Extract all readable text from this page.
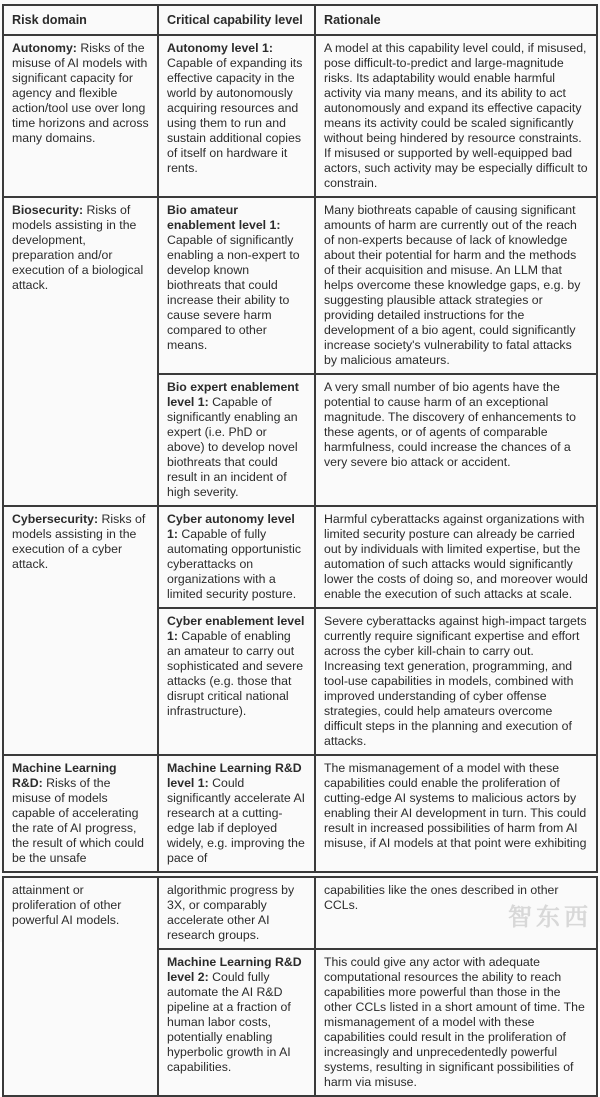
Risk domain	Critical capability level	Rationale
Autonomy: Risks of the misuse of AI models with significant capacity for agency and flexible action/tool use over long time horizons and across many domains.	Autonomy level 1: Capable of expanding its effective capacity in the world by autonomously acquiring resources and using them to run and sustain additional copies of itself on hardware it rents.	A model at this capability level could, if misused, pose difficult-to-predict and large-magnitude risks. Its adaptability would enable harmful activity via many means, and its ability to act autonomously and expand its effective capacity means its activity could be scaled significantly without being hindered by resource constraints. If misused or supported by well-equipped bad actors, such activity may be especially difficult to constrain.
Biosecurity: Risks of models assisting in the development, preparation and/or execution of a biological attack.	Bio amateur enablement level 1: Capable of significantly enabling a non-expert to develop known biothreats that could increase their ability to cause severe harm compared to other means.	Many biothreats capable of causing significant amounts of harm are currently out of the reach of non-experts because of lack of knowledge about their potential for harm and the methods of their acquisition and misuse. An LLM that helps overcome these knowledge gaps, e.g. by suggesting plausible attack strategies or providing detailed instructions for the development of a bio agent, could significantly increase society's vulnerability to fatal attacks by malicious amateurs.
	Bio expert enablement level 1: Capable of significantly enabling an expert (i.e. PhD or above) to develop novel biothreats that could result in an incident of high severity.	A very small number of bio agents have the potential to cause harm of an exceptional magnitude. The discovery of enhancements to these agents, or of agents of comparable harmfulness, could increase the chances of a very severe bio attack or accident.
Cybersecurity: Risks of models assisting in the execution of a cyber attack.	Cyber autonomy level 1: Capable of fully automating opportunistic cyberattacks on organizations with a limited security posture.	Harmful cyberattacks against organizations with limited security posture can already be carried out by individuals with limited expertise, but the automation of such attacks would significantly lower the costs of doing so, and moreover would enable the execution of such attacks at scale.
	Cyber enablement level 1: Capable of enabling an amateur to carry out sophisticated and severe attacks (e.g. those that disrupt critical national infrastructure).	Severe cyberattacks against high-impact targets currently require significant expertise and effort across the cyber kill-chain to carry out. Increasing text generation, programming, and tool-use capabilities in models, combined with improved understanding of cyber offense strategies, could help amateurs overcome difficult steps in the planning and execution of attacks.
Machine Learning R&D: Risks of the misuse of models capable of accelerating the rate of AI progress, the result of which could be the unsafe	Machine Learning R&D level 1: Could significantly accelerate AI research at a cutting-edge lab if deployed widely, e.g. improving the pace of	The mismanagement of a model with these capabilities could enable the proliferation of cutting-edge AI systems to malicious actors by enabling their AI development in turn. This could result in increased possibilities of harm from AI misuse, if AI models at that point were exhibiting
attainment or proliferation of other powerful AI models.	algorithmic progress by 3X, or comparably accelerate other AI research groups.	capabilities like the ones described in other CCLs.
	Machine Learning R&D level 2: Could fully automate the AI R&D pipeline at a fraction of human labor costs, potentially enabling hyperbolic growth in AI capabilities.	This could give any actor with adequate computational resources the ability to reach capabilities more powerful than those in the other CCLs listed in a short amount of time. The mismanagement of a model with these capabilities could result in the proliferation of increasingly and unprecedentedly powerful systems, resulting in significant possibilities of harm via misuse.
智东西
